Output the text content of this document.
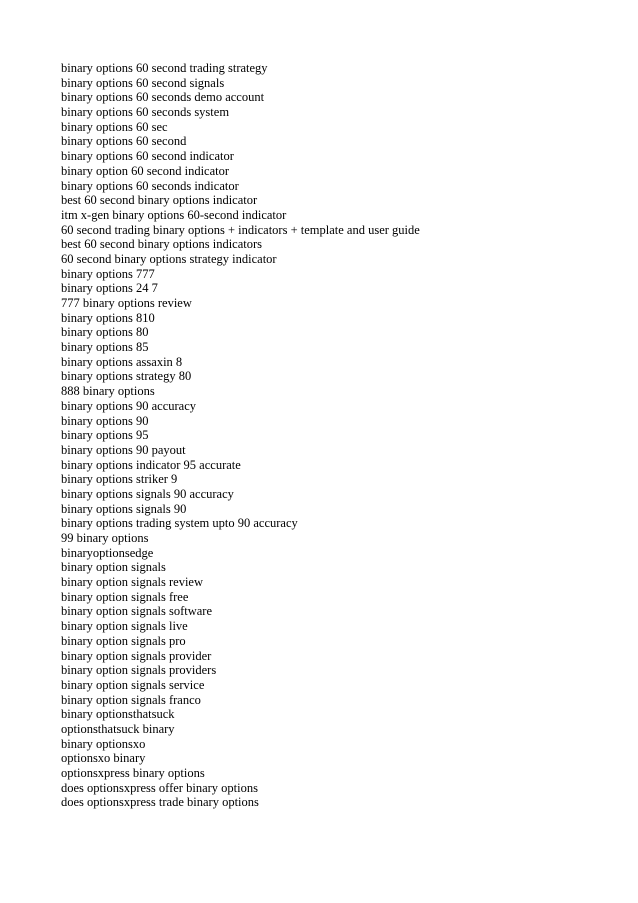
binary options 60 second trading strategy
binary options 60 second signals
binary options 60 seconds demo account
binary options 60 seconds system
binary options 60 sec
binary options 60 second
binary options 60 second indicator
binary option 60 second indicator
binary options 60 seconds indicator
best 60 second binary options indicator
itm x-gen binary options 60-second indicator
60 second trading binary options + indicators + template and user guide
best 60 second binary options indicators
60 second binary options strategy indicator
binary options 777
binary options 24 7
777 binary options review
binary options 810
binary options 80
binary options 85
binary options assaxin 8
binary options strategy 80
888 binary options
binary options 90 accuracy
binary options 90
binary options 95
binary options 90 payout
binary options indicator 95 accurate
binary options striker 9
binary options signals 90 accuracy
binary options signals 90
binary options trading system upto 90 accuracy
99 binary options
binaryoptionsedge
binary option signals
binary option signals review
binary option signals free
binary option signals software
binary option signals live
binary option signals pro
binary option signals provider
binary option signals providers
binary option signals service
binary option signals franco
binary optionsthatsuck
optionsthatsuck binary
binary optionsxo
optionsxo binary
optionsxpress binary options
does optionsxpress offer binary options
does optionsxpress trade binary options
